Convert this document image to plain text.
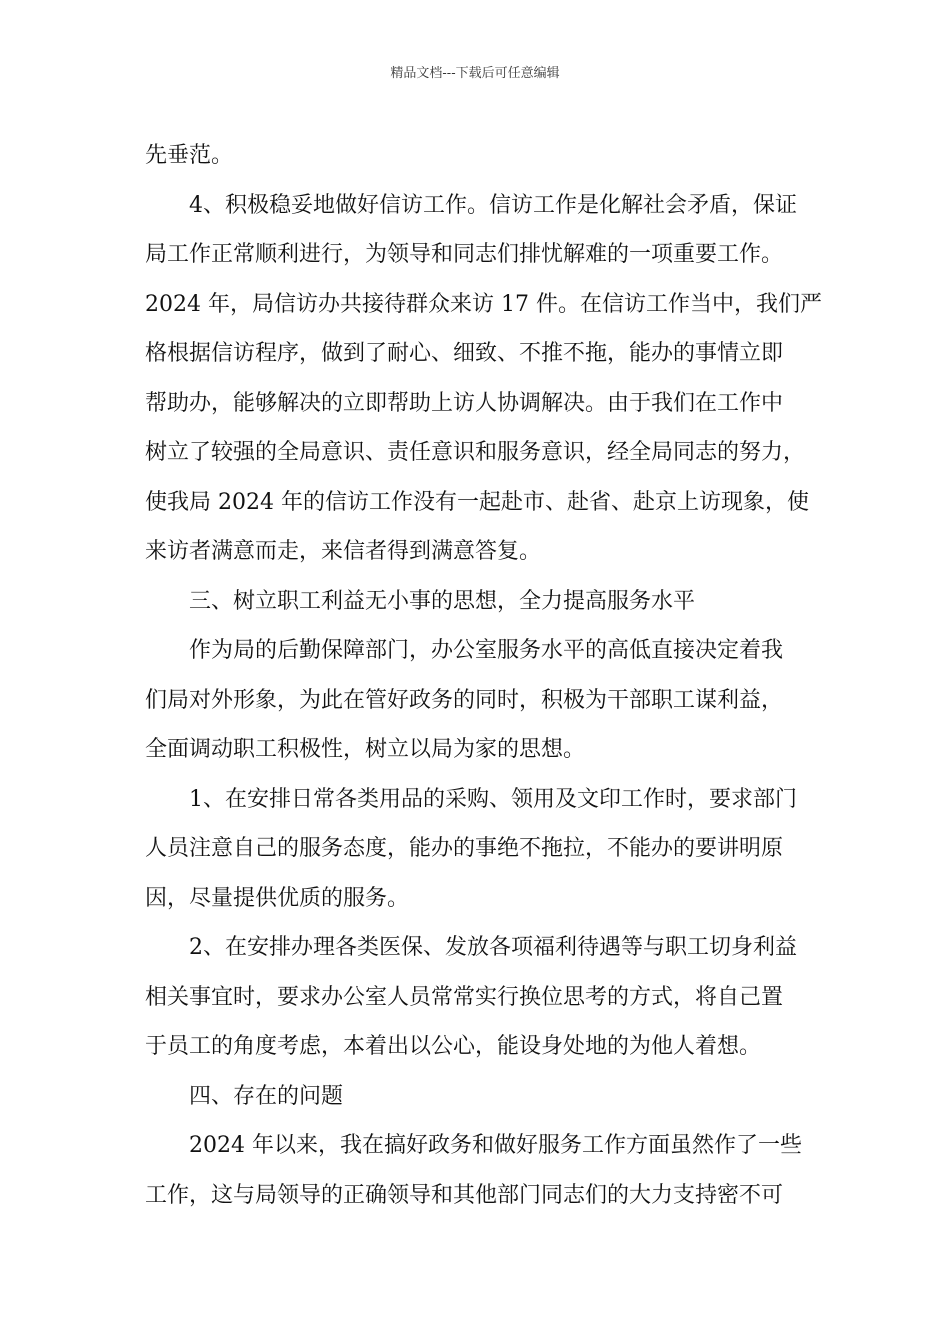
精品文档---下载后可任意编辑
先垂范。
4、积极稳妥地做好信访工作。信访工作是化解社会矛盾，保证
局工作正常顺利进行，为领导和同志们排忧解难的一项重要工作。
2024 年，局信访办共接待群众来访 17 件。在信访工作当中，我们严
格根据信访程序，做到了耐心、细致、不推不拖，能办的事情立即
帮助办，能够解决的立即帮助上访人协调解决。由于我们在工作中
树立了较强的全局意识、责任意识和服务意识，经全局同志的努力，
使我局 2024 年的信访工作没有一起赴市、赴省、赴京上访现象，使
来访者满意而走，来信者得到满意答复。
三、树立职工利益无小事的思想，全力提高服务水平
作为局的后勤保障部门，办公室服务水平的高低直接决定着我
们局对外形象，为此在管好政务的同时，积极为干部职工谋利益，
全面调动职工积极性，树立以局为家的思想。
1、在安排日常各类用品的采购、领用及文印工作时，要求部门
人员注意自己的服务态度，能办的事绝不拖拉，不能办的要讲明原
因，尽量提供优质的服务。
2、在安排办理各类医保、发放各项福利待遇等与职工切身利益
相关事宜时，要求办公室人员常常实行换位思考的方式，将自己置
于员工的角度考虑，本着出以公心，能设身处地的为他人着想。
四、存在的问题
2024 年以来，我在搞好政务和做好服务工作方面虽然作了一些
工作，这与局领导的正确领导和其他部门同志们的大力支持密不可
